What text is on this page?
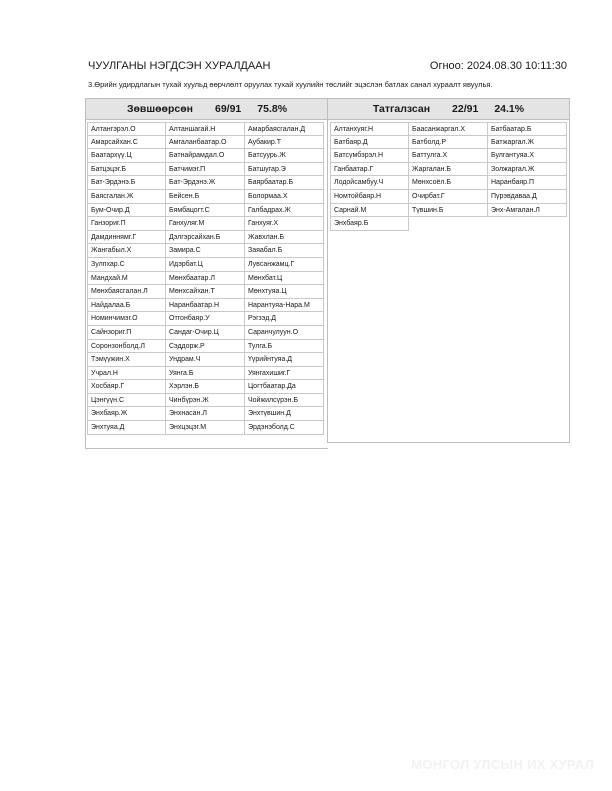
ЧУУЛГАНЫ НЭГДСЭН ХУРАЛДААН	Огноо: 2024.08.30 10:11:30
3.Өрийн удирдлагын тухай хуульд өөрчлөлт оруулах тухай хуулийн төслийг эцэслэн батлах санал хураалт явуулья.
Зөвшөөрсөн 69/91 75.8%
Алтангэрэл.О	Алтаншагай.Н	Амарбаясгалан.Д
Амарсайхан.С	Амгаланбаатар.О	Аубакир.Т
Баатархүү.Ц	Батнайрамдал.О	Батсуурь.Ж
Батцэцэг.Б	Батчимэг.П	Батшугар.Э
Бат-Эрдэнэ.Б	Бат-Эрдэнэ.Ж	Баярбаатар.Б
Баясгалан.Ж	Бейсен.Б	Болормаа.Х
Бум-Очир.Д	Бямбацогт.С	Галбадрах.Ж
Ганзориг.П	Ганхуляг.М	Ганхуяг.Х
Дамдиннямг.Г	Дэлгэрсайхан.Б	Жавхлан.Б
Жангабыл.Х	Замира.С	Заяабал.Б
Зулпхар.С	Идэрбат.Ц	Лувсанжамц.Г
Мандхай.М	Мөнхбаатар.Л	Мөнхбат.Ц
Мөнхбаясгалан.Л	Мөнхсайхан.Т	Мөнхтуяа.Ц
Найдалаа.Б	Наранбаатар.Н	Нарантуяа-Нара.М
Номинчимэг.О	Отгонбаяр.У	Рэгзэд.Д
Сайнзориг.П	Сандаг-Очир.Ц	Саранчулуун.О
Соронзонболд.Л	Сэддорж.Р	Тулга.Б
Тэмүүжин.Х	Ундрам.Ч	Үүрийнтуяа.Д
Учрал.Н	Уянга.Б	Уянгахишиг.Г
Хосбаяр.Г	Хэрлэн.Б	Цогтбаатар.Да
Цэнгүүн.С	Чинбүрэн.Ж	Чойжилсүрэн.Б
Энхбаяр.Ж	Энхнасан.Л	Энхтүвшин.Д
Энхтуяа.Д	Энхцэцэг.М	Эрдэнэболд.С
Татгалзсан 22/91 24.1%
Алтанхуяг.Н	Баасанжаргал.Х	Батбаатар.Б
Батбаяр.Д	Батболд.Р	Батжаргал.Ж
Батсүмбэрэл.Н	Баттулга.Х	Булгантуяа.Х
Ганбаатар.Г	Жаргалан.Б	Золжаргал.Ж
Лодойсамбуу.Ч	Мөнхсоёл.Б	Наранбаяр.П
Номтойбаяр.Н	Очирбат.Г	Пүрэвдаваа.Д
Сарнай.М	Түвшин.Б	Энх-Амгалан.Л
Энхбаяр.Б
МОНГОЛ УЛСЫН ИХ ХУРАЛ
